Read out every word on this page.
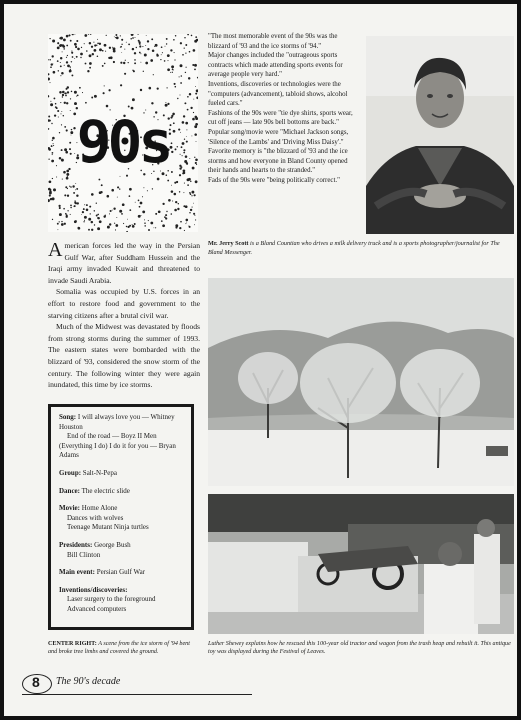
90s

"The most memorable event of the 90s was the blizzard of '93 and the ice storms of '94."

Major changes included the "outrageous sports contracts which made attending sports events for average people very hard."

Inventions, discoveries or technologies were the "computers (advancement), tabloid shows, alcohol fueled cars."

Fashions of the 90s were "tie dye shirts, sports wear, cut off jeans — late 90s bell bottoms are back."

Popular song/movie were "Michael Jackson songs, 'Silence of the Lambs' and 'Driving Miss Daisy'."

Favorite memory is "the blizzard of '93 and the ice storms and how everyone in Bland County opened their hands and hearts to the stranded."

Fads of the 90s were "being politically correct."

Mr. Jerry Scott is a Bland Countian who drives a milk delivery truck and is a sports photographer/journalist for The Bland Messenger.

American forces led the way in the Persian Gulf War, after Suddham Hussein and the Iraqi army invaded Kuwait and threatened to invade Saudi Arabia.

Somalia was occupied by U.S. forces in an effort to restore food and government to the starving citizens after a brutal civil war.

Much of the Midwest was devastated by floods from strong storms during the summer of 1993. The eastern states were bombarded with the blizzard of '93, considered the snow storm of the century. The following winter they were again inundated, this time by ice storms.

Song: I will always love you — Whitney Houston
End of the road — Boyz II Men
(Everything I do) I do it for you — Bryan Adams
Group: Salt-N-Pepa
Dance: The electric slide
Movie: Home Alone
Dances with wolves
Teenage Mutant Ninja turtles
Presidents: George Bush
Bill Clinton
Main event: Persian Gulf War
Inventions/discoveries:
Laser surgery to the foreground
Advanced computers
CENTER RIGHT: A scene from the ice storm of '94 bent and broke tree limbs and covered the ground.
Luther Shewey explains how he rescued this 100-year old tractor and wagon from the trash heap and rebuilt it. This antique toy was displayed during the Festival of Leaves.
8 The 90's decade
